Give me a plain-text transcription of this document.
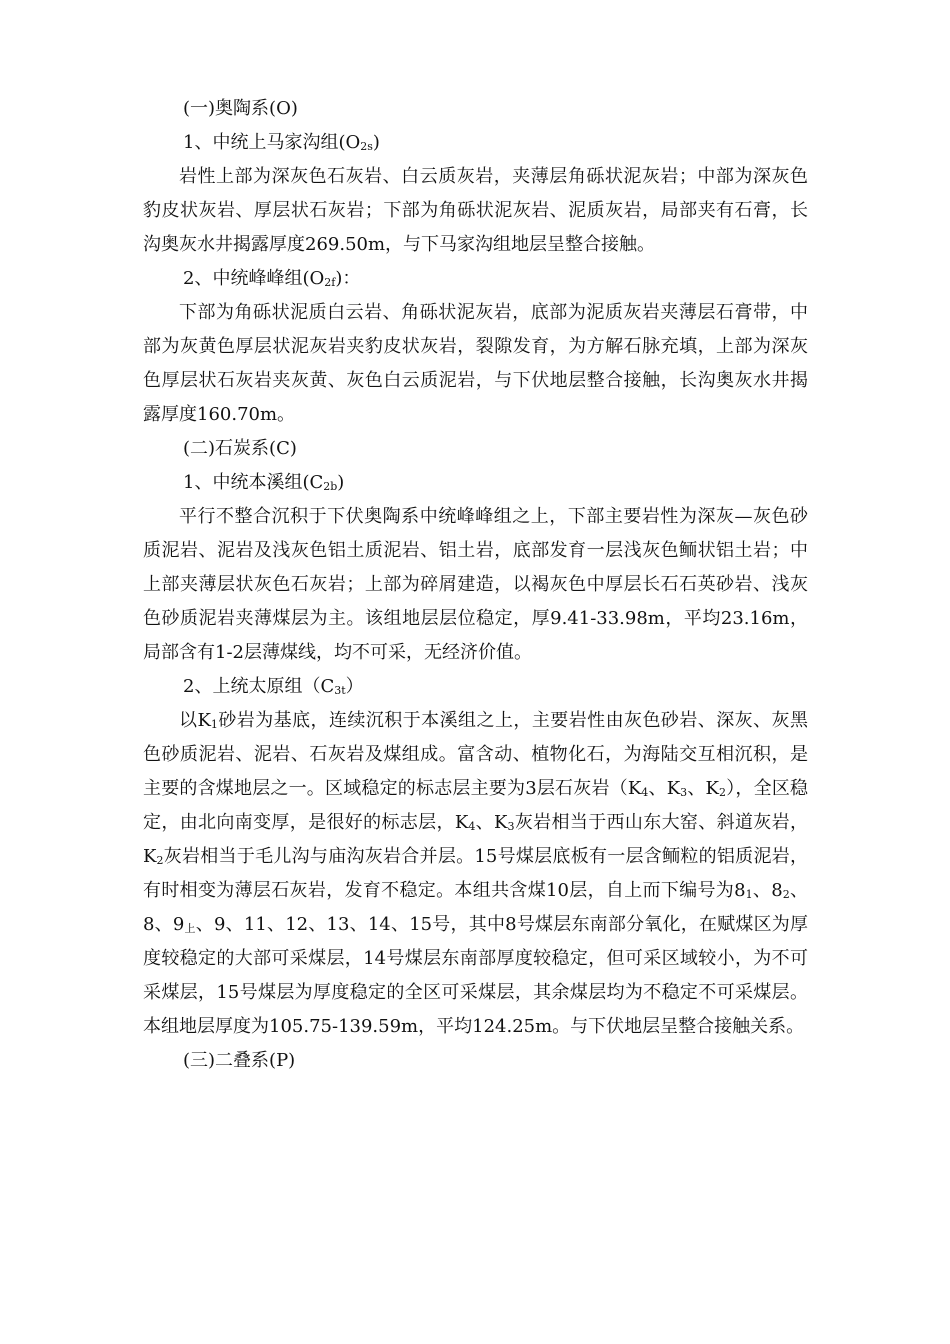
(一)奥陶系(O)

1、中统上马家沟组$(O_{2s})$

岩性上部为深灰色石灰岩、白云质灰岩，夹薄层角砾状泥灰岩；中部为深灰色豹皮状灰岩、厚层状石灰岩；下部为角砾状泥灰岩、泥质灰岩，局部夹有石膏，长沟奥灰水井揭露厚度269.50m，与下马家沟组地层呈整合接触。

2、中统峰峰组$(O_{2f})$：

下部为角砾状泥质白云岩、角砾状泥灰岩，底部为泥质灰岩夹薄层石膏带，中部为灰黄色厚层状泥灰岩夹豹皮状灰岩，裂隙发育，为方解石脉充填，上部为深灰色厚层状石灰岩夹灰黄、灰色白云质泥岩，与下伏地层整合接触，长沟奥灰水井揭露厚度160.70m。

(二)石炭系(C)

1、中统本溪组$(C_{2b})$

平行不整合沉积于下伏奥陶系中统峰峰组之上，下部主要岩性为深灰—灰色砂质泥岩、泥岩及浅灰色铝土质泥岩、铝土岩，底部发育一层浅灰色鲕状铝土岩；中上部夹薄层状灰色石灰岩；上部为碎屑建造，以褐灰色中厚层长石石英砂岩、浅灰色砂质泥岩夹薄煤层为主。该组地层层位稳定，厚9.41-33.98m，平均23.16m，局部含有1-2层薄煤线，均不可采，无经济价值。

2、上统太原组$(C_{3t})$

以$K_1$砂岩为基底，连续沉积于本溪组之上，主要岩性由灰色砂岩、深灰、灰黑色砂质泥岩、泥岩、石灰岩及煤组成。富含动、植物化石，为海陆交互相沉积，是主要的含煤地层之一。区域稳定的标志层主要为3层石灰岩（$K_4$、$K_3$、$K_2$），全区稳定，由北向南变厚，是很好的标志层，$K_4$、$K_3$灰岩相当于西山东大窑、斜道灰岩，$K_2$灰岩相当于毛儿沟与庙沟灰岩合并层。15号煤层底板有一层含鲕粒的铝质泥岩，有时相变为薄层石灰岩，发育不稳定。本组共含煤10层，自上而下编号为$8_1$、$8_2$、8、$9_上$、9、11、12、13、14、15号，其中8号煤层东南部分氧化，在赋煤区为厚度较稳定的大部可采煤层，14号煤层东南部厚度较稳定，但可采区域较小，为不可采煤层，15号煤层为厚度稳定的全区可采煤层，其余煤层均为不稳定不可采煤层。本组地层厚度为105.75-139.59m，平均124.25m。与下伏地层呈整合接触关系。

(三)二叠系(P)
